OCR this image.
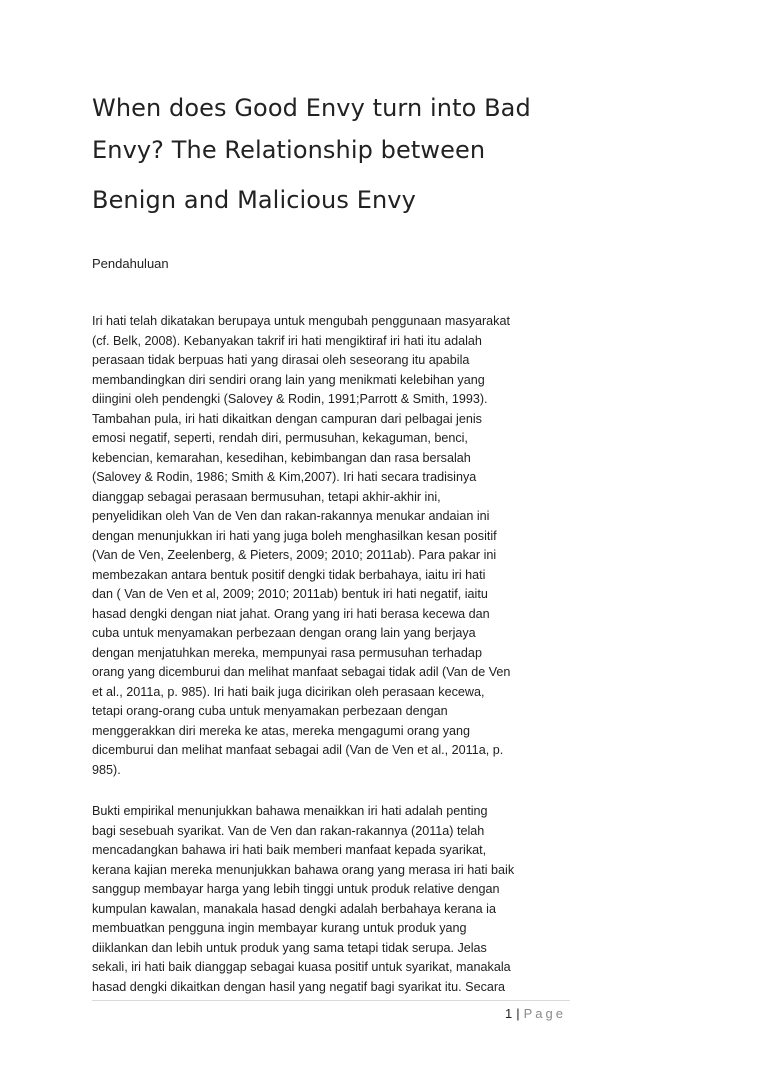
When does Good Envy turn into Bad
Envy? The Relationship between
Benign and Malicious Envy
Pendahuluan
Iri hati telah dikatakan berupaya untuk mengubah penggunaan masyarakat
(cf. Belk, 2008). Kebanyakan takrif iri hati mengiktiraf iri hati itu adalah
perasaan tidak berpuas hati yang dirasai oleh seseorang itu apabila
membandingkan diri sendiri orang lain yang menikmati kelebihan yang
diingini oleh pendengki (Salovey & Rodin, 1991;Parrott & Smith, 1993).
Tambahan pula, iri hati dikaitkan dengan campuran dari pelbagai jenis
emosi negatif, seperti, rendah diri, permusuhan, kekaguman, benci,
kebencian, kemarahan, kesedihan, kebimbangan dan rasa bersalah
(Salovey & Rodin, 1986; Smith & Kim,2007). Iri hati secara tradisinya
dianggap sebagai perasaan bermusuhan, tetapi akhir-akhir ini,
penyelidikan oleh Van de Ven dan rakan-rakannya menukar andaian ini
dengan menunjukkan iri hati yang juga boleh menghasilkan kesan positif
(Van de Ven, Zeelenberg, & Pieters, 2009; 2010; 2011ab). Para pakar ini
membezakan antara bentuk positif dengki tidak berbahaya, iaitu iri hati
dan ( Van de Ven et al, 2009; 2010; 2011ab) bentuk iri hati negatif, iaitu
hasad dengki dengan niat jahat. Orang yang iri hati berasa kecewa dan
cuba untuk menyamakan perbezaan dengan orang lain yang berjaya
dengan menjatuhkan mereka, mempunyai rasa permusuhan terhadap
orang yang dicemburui dan melihat manfaat sebagai tidak adil (Van de Ven
et al., 2011a, p. 985). Iri hati baik juga dicirikan oleh perasaan kecewa,
tetapi orang-orang cuba untuk menyamakan perbezaan dengan
menggerakkan diri mereka ke atas, mereka mengagumi orang yang
dicemburui dan melihat manfaat sebagai adil (Van de Ven et al., 2011a, p.
985).
Bukti empirikal menunjukkan bahawa menaikkan iri hati adalah penting
bagi sesebuah syarikat. Van de Ven dan rakan-rakannya (2011a) telah
mencadangkan bahawa iri hati baik memberi manfaat kepada syarikat,
kerana kajian mereka menunjukkan bahawa orang yang merasa iri hati baik
sanggup membayar harga yang lebih tinggi untuk produk relative dengan
kumpulan kawalan, manakala hasad dengki adalah berbahaya kerana ia
membuatkan pengguna ingin membayar kurang untuk produk yang
diiklankan dan lebih untuk produk yang sama tetapi tidak serupa. Jelas
sekali, iri hati baik dianggap sebagai kuasa positif untuk syarikat, manakala
hasad dengki dikaitkan dengan hasil yang negatif bagi syarikat itu. Secara
1 | Page
